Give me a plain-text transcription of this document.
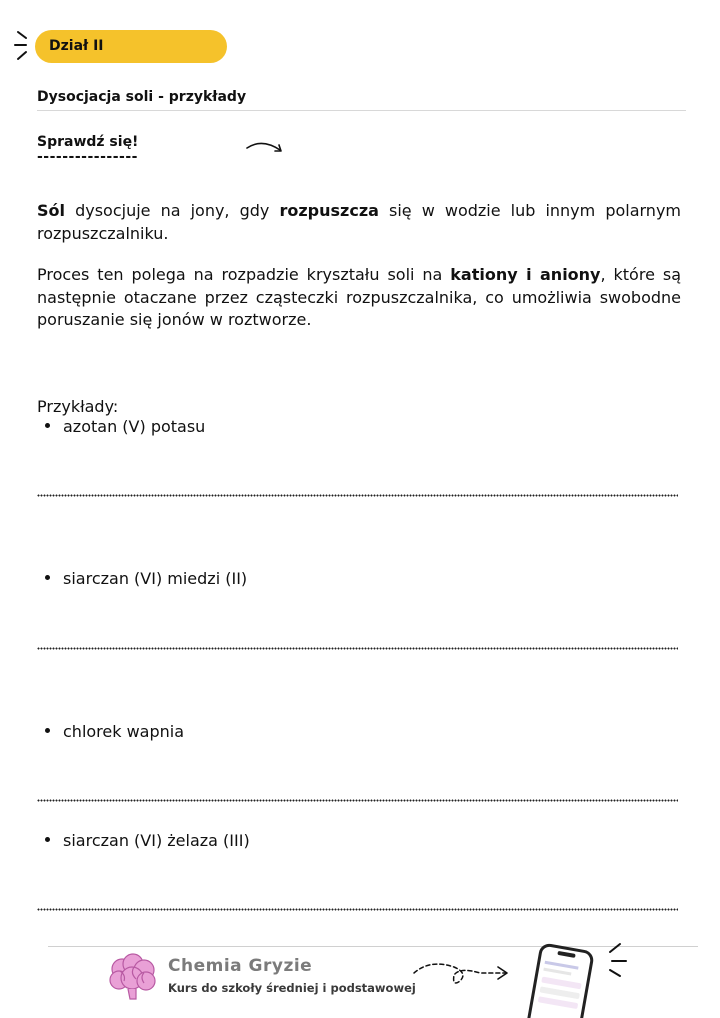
Dział II
Dysocjacja soli - przykłady
Sprawdź się!
----------------
Sól dysocjuje na jony, gdy rozpuszcza się w wodzie lub innym polarnym rozpuszczalniku.
Proces ten polega na rozpadzie kryształu soli na kationy i aniony, które są następnie otaczane przez cząsteczki rozpuszczalnika, co umożliwia swobodne poruszanie się jonów w roztworze.
Przykłady:
azotan (V) potasu
siarczan (VI) miedzi (II)
chlorek wapnia
siarczan (VI) żelaza (III)
Chemia Gryzie
Kurs do szkoły średniej i podstawowej
